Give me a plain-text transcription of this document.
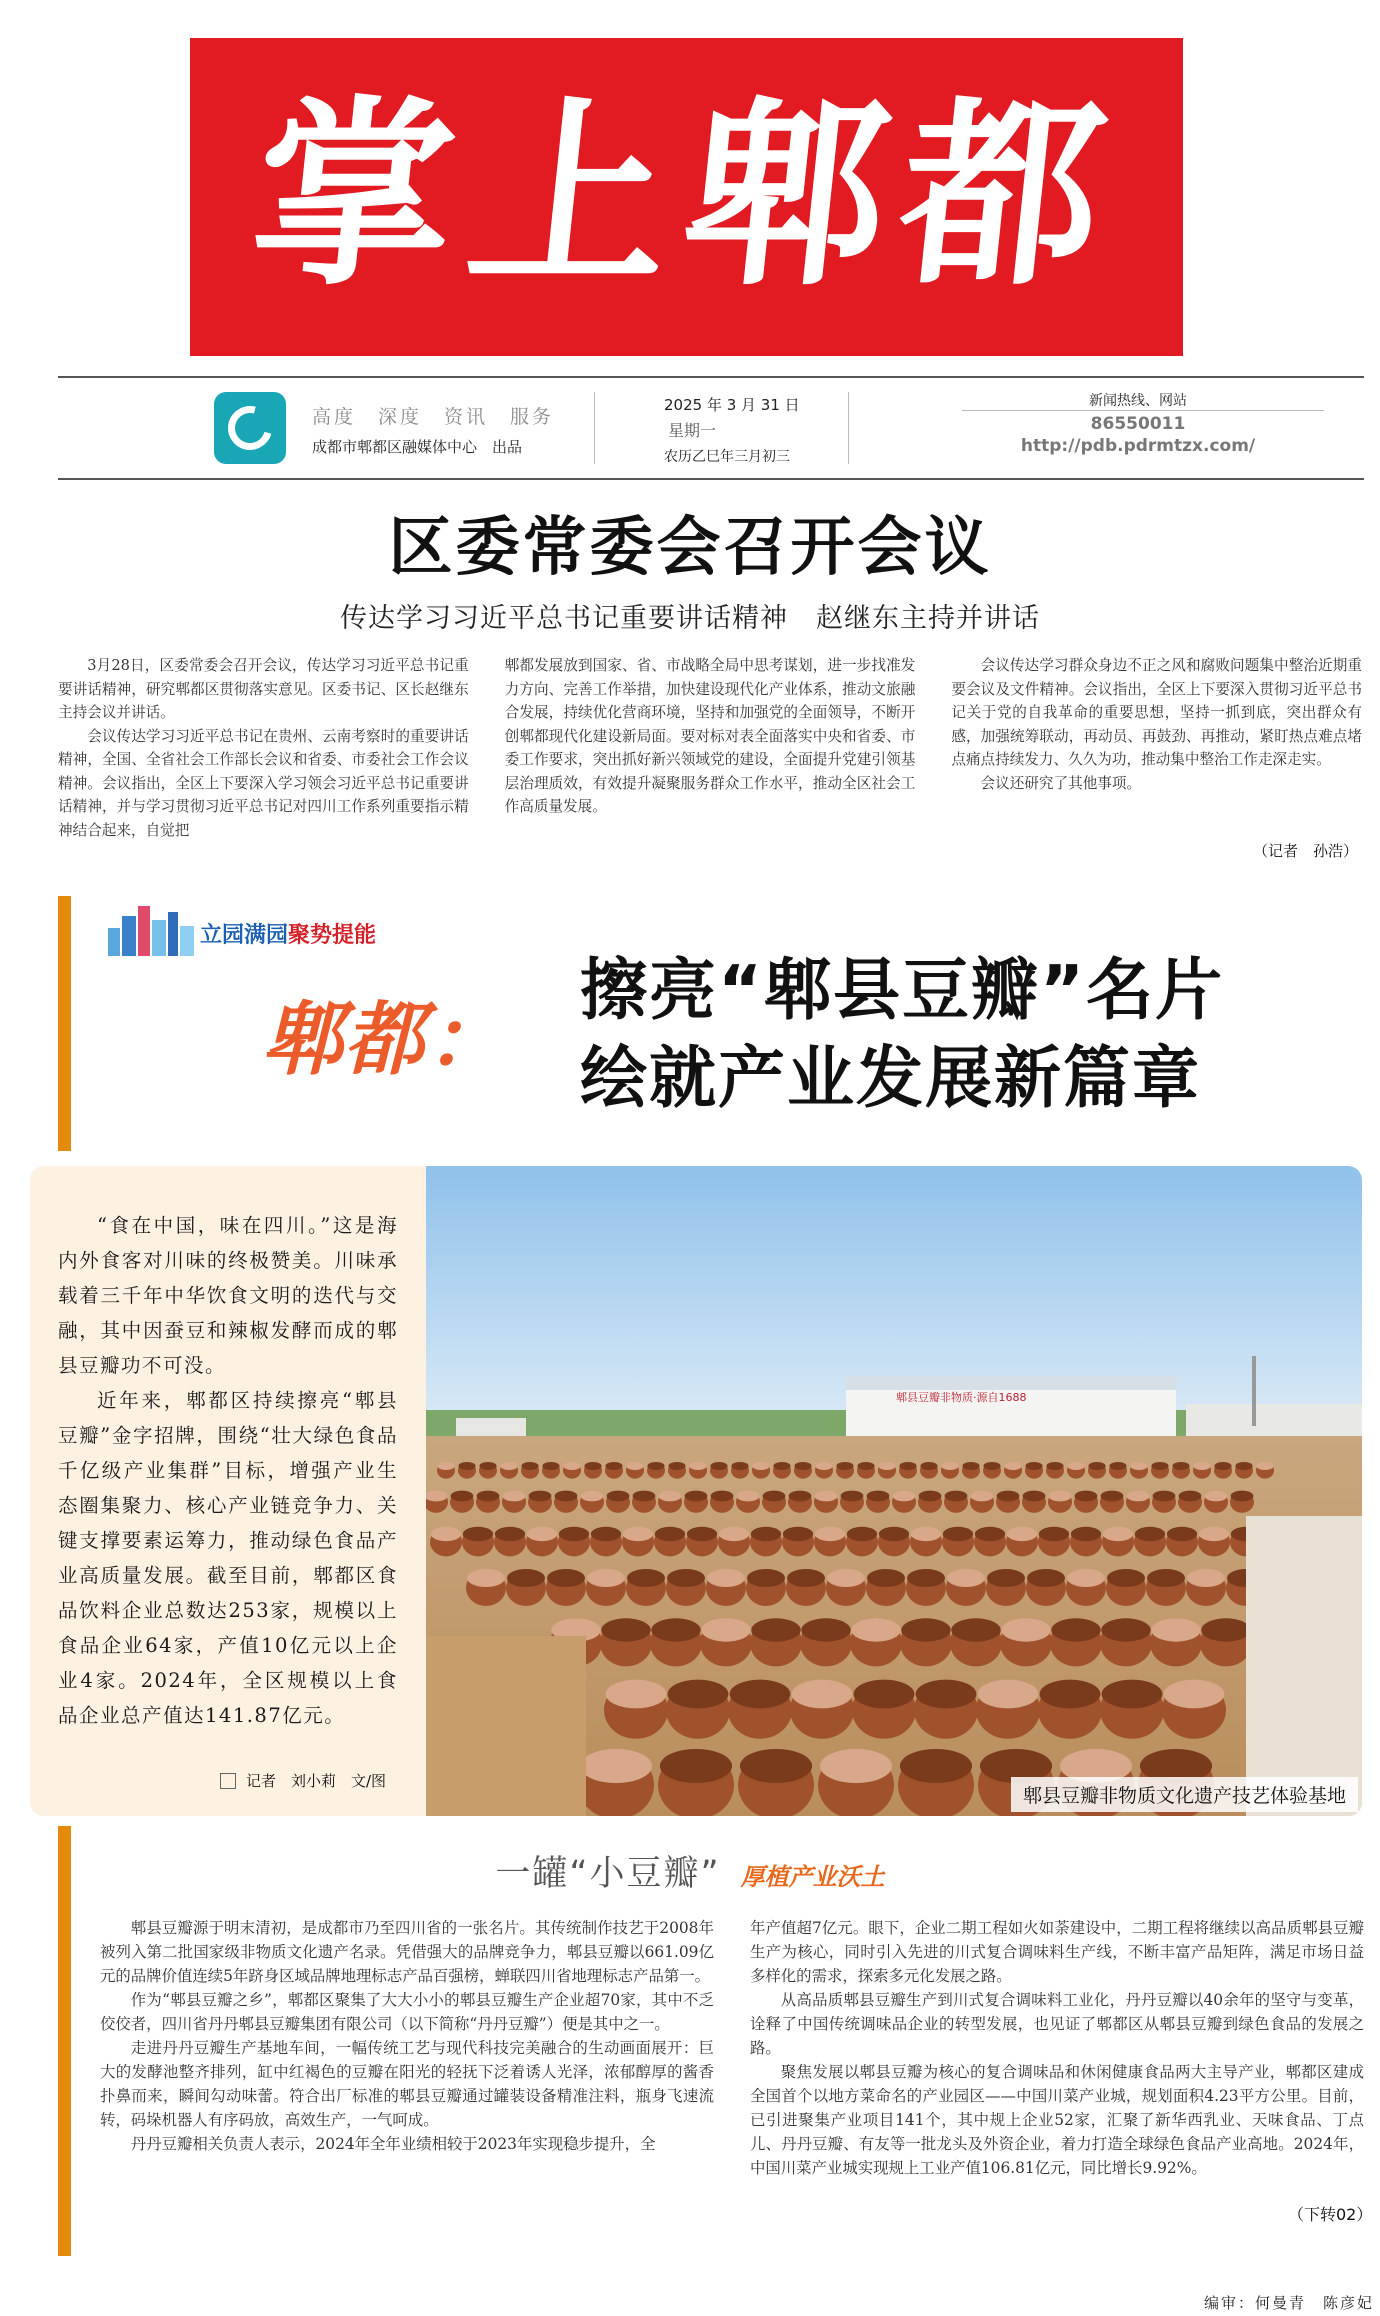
掌上郫都
高度　深度　资讯　服务
成都市郫都区融媒体中心　出品
2025 年 3 月 31 日
星期一
农历乙巳年三月初三
新闻热线、网站
86550011
http://pdb.pdrmtzx.com/
区委常委会召开会议
传达学习习近平总书记重要讲话精神　赵继东主持并讲话

3月28日，区委常委会召开会议，传达学习习近平总书记重要讲话精神，研究郫都区贯彻落实意见。区委书记、区长赵继东主持会议并讲话。

会议传达学习习近平总书记在贵州、云南考察时的重要讲话精神，全国、全省社会工作部长会议和省委、市委社会工作会议精神。会议指出，全区上下要深入学习领会习近平总书记重要讲话精神，并与学习贯彻习近平总书记对四川工作系列重要指示精神结合起来，自觉把

郫都发展放到国家、省、市战略全局中思考谋划，进一步找准发力方向、完善工作举措，加快建设现代化产业体系，推动文旅融合发展，持续优化营商环境，坚持和加强党的全面领导，不断开创郫都现代化建设新局面。要对标对表全面落实中央和省委、市委工作要求，突出抓好新兴领域党的建设，全面提升党建引领基层治理质效，有效提升凝聚服务群众工作水平，推动全区社会工作高质量发展。

会议传达学习群众身边不正之风和腐败问题集中整治近期重要会议及文件精神。会议指出，全区上下要深入贯彻习近平总书记关于党的自我革命的重要思想，坚持一抓到底，突出群众有感，加强统筹联动，再动员、再鼓劲、再推动，紧盯热点难点堵点痛点持续发力、久久为功，推动集中整治工作走深走实。

会议还研究了其他事项。

（记者　孙浩）
立园满园聚势提能
郫都：
擦亮“郫县豆瓣”名片
绘就产业发展新篇章

“食在中国，味在四川。”这是海内外食客对川味的终极赞美。川味承载着三千年中华饮食文明的迭代与交融，其中因蚕豆和辣椒发酵而成的郫县豆瓣功不可没。

近年来，郫都区持续擦亮“郫县豆瓣”金字招牌，围绕“壮大绿色食品千亿级产业集群”目标，增强产业生态圈集聚力、核心产业链竞争力、关键支撑要素运筹力，推动绿色食品产业高质量发展。截至目前，郫都区食品饮料企业总数达253家，规模以上食品企业64家，产值10亿元以上企业4家。2024年，全区规模以上食品企业总产值达141.87亿元。

记者　刘小莉　文/图
郫县豆瓣非物质·源自1688
郫县豆瓣非物质文化遗产技艺体验基地
一罐“小豆瓣” 厚植产业沃土

郫县豆瓣源于明末清初，是成都市乃至四川省的一张名片。其传统制作技艺于2008年被列入第二批国家级非物质文化遗产名录。凭借强大的品牌竞争力，郫县豆瓣以661.09亿元的品牌价值连续5年跻身区域品牌地理标志产品百强榜，蝉联四川省地理标志产品第一。

作为“郫县豆瓣之乡”，郫都区聚集了大大小小的郫县豆瓣生产企业超70家，其中不乏佼佼者，四川省丹丹郫县豆瓣集团有限公司（以下简称“丹丹豆瓣”）便是其中之一。

走进丹丹豆瓣生产基地车间，一幅传统工艺与现代科技完美融合的生动画面展开：巨大的发酵池整齐排列，缸中红褐色的豆瓣在阳光的轻抚下泛着诱人光泽，浓郁醇厚的酱香扑鼻而来，瞬间勾动味蕾。符合出厂标准的郫县豆瓣通过罐装设备精准注料，瓶身飞速流转，码垛机器人有序码放，高效生产，一气呵成。

丹丹豆瓣相关负责人表示，2024年全年业绩相较于2023年实现稳步提升，全

年产值超7亿元。眼下，企业二期工程如火如荼建设中，二期工程将继续以高品质郫县豆瓣生产为核心，同时引入先进的川式复合调味料生产线，不断丰富产品矩阵，满足市场日益多样化的需求，探索多元化发展之路。

从高品质郫县豆瓣生产到川式复合调味料工业化，丹丹豆瓣以40余年的坚守与变革，诠释了中国传统调味品企业的转型发展，也见证了郫都区从郫县豆瓣到绿色食品的发展之路。

聚焦发展以郫县豆瓣为核心的复合调味品和休闲健康食品两大主导产业，郫都区建成全国首个以地方菜命名的产业园区——中国川菜产业城，规划面积4.23平方公里。目前，已引进聚集产业项目141个，其中规上企业52家，汇聚了新华西乳业、天味食品、丁点儿、丹丹豆瓣、有友等一批龙头及外资企业，着力打造全球绿色食品产业高地。2024年，中国川菜产业城实现规上工业产值106.81亿元，同比增长9.92%。

（下转02）
编审：何曼青　陈彦妃
